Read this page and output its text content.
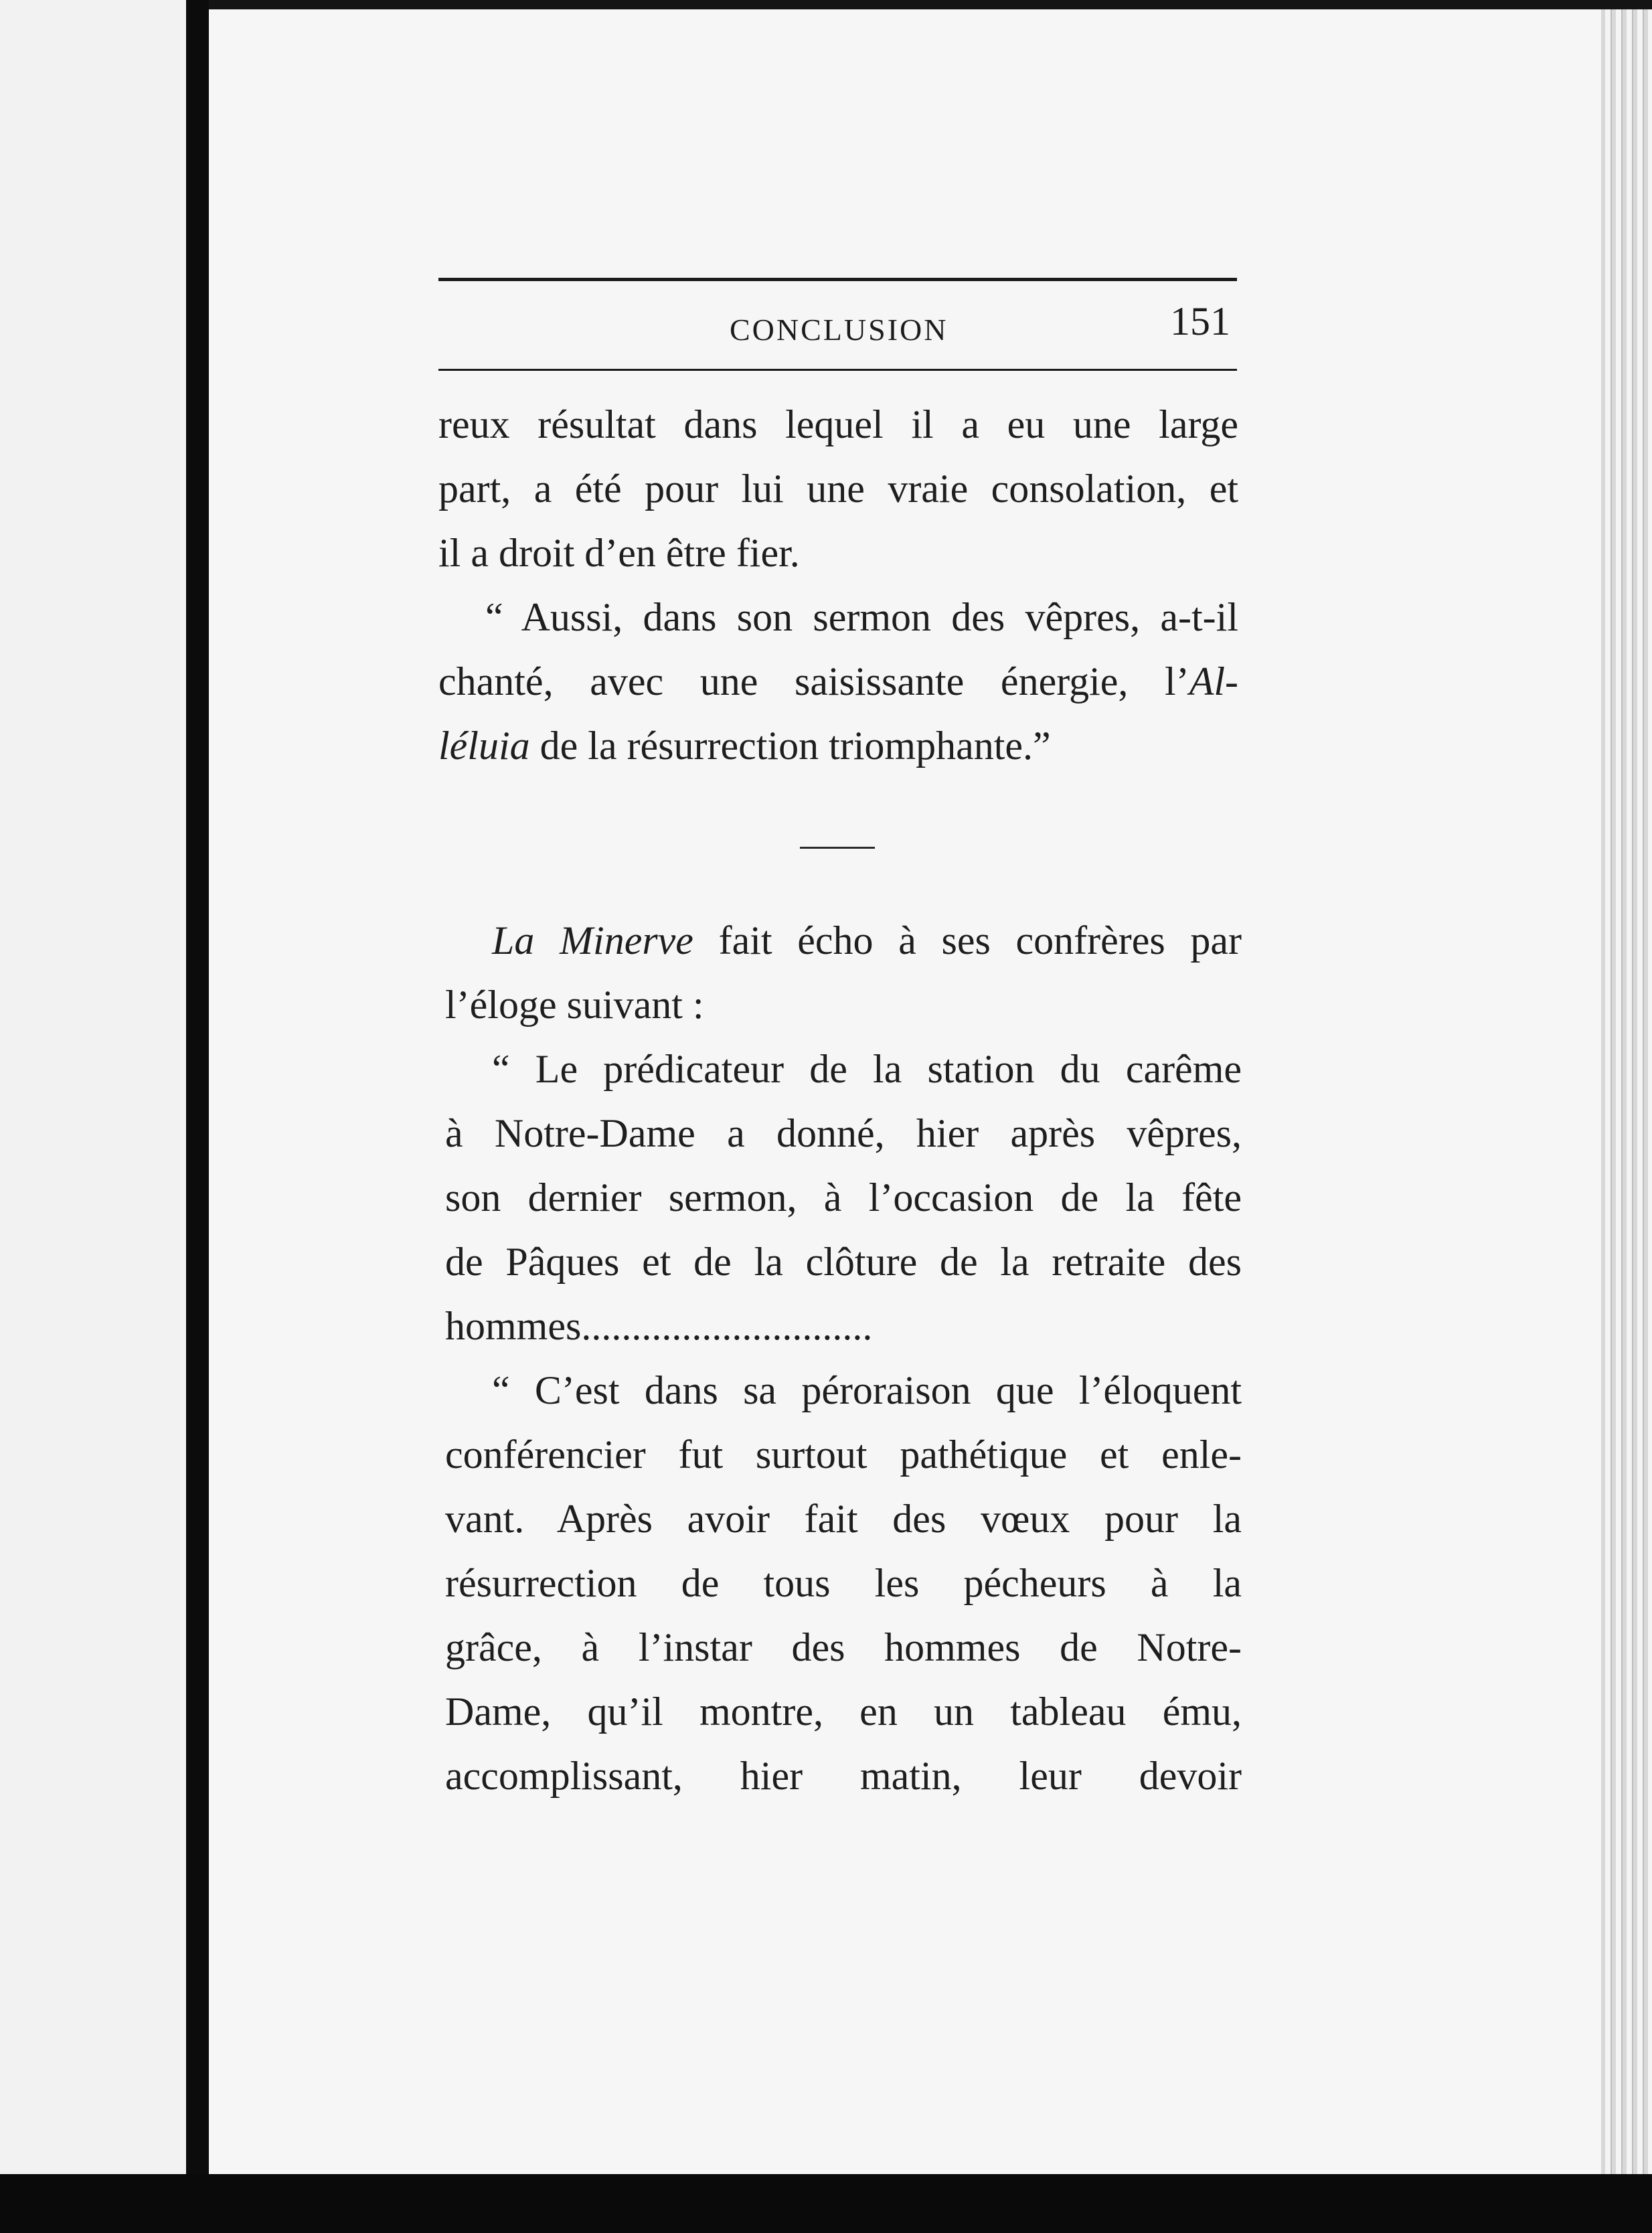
CONCLUSION	151
reux résultat dans lequel il a eu une large
part, a été pour lui une vraie consolation, et
il a droit d’en être fier.
“ Aussi, dans son sermon des vêpres, a-t-il
chanté, avec une saisissante énergie, l’Al-
léluia de la résurrection triomphante.”
La Minerve fait écho à ses confrères par
l’éloge suivant :
“ Le prédicateur de la station du carême
à Notre-Dame a donné, hier après vêpres,
son dernier sermon, à l’occasion de la fête
de Pâques et de la clôture de la retraite des
hommes.............................
“ C’est dans sa péroraison que l’éloquent
conférencier fut surtout pathétique et enle-
vant. Après avoir fait des vœux pour la
résurrection de tous les pécheurs à la
grâce, à l’instar des hommes de Notre-
Dame, qu’il montre, en un tableau ému,
accomplissant, hier matin, leur devoir
